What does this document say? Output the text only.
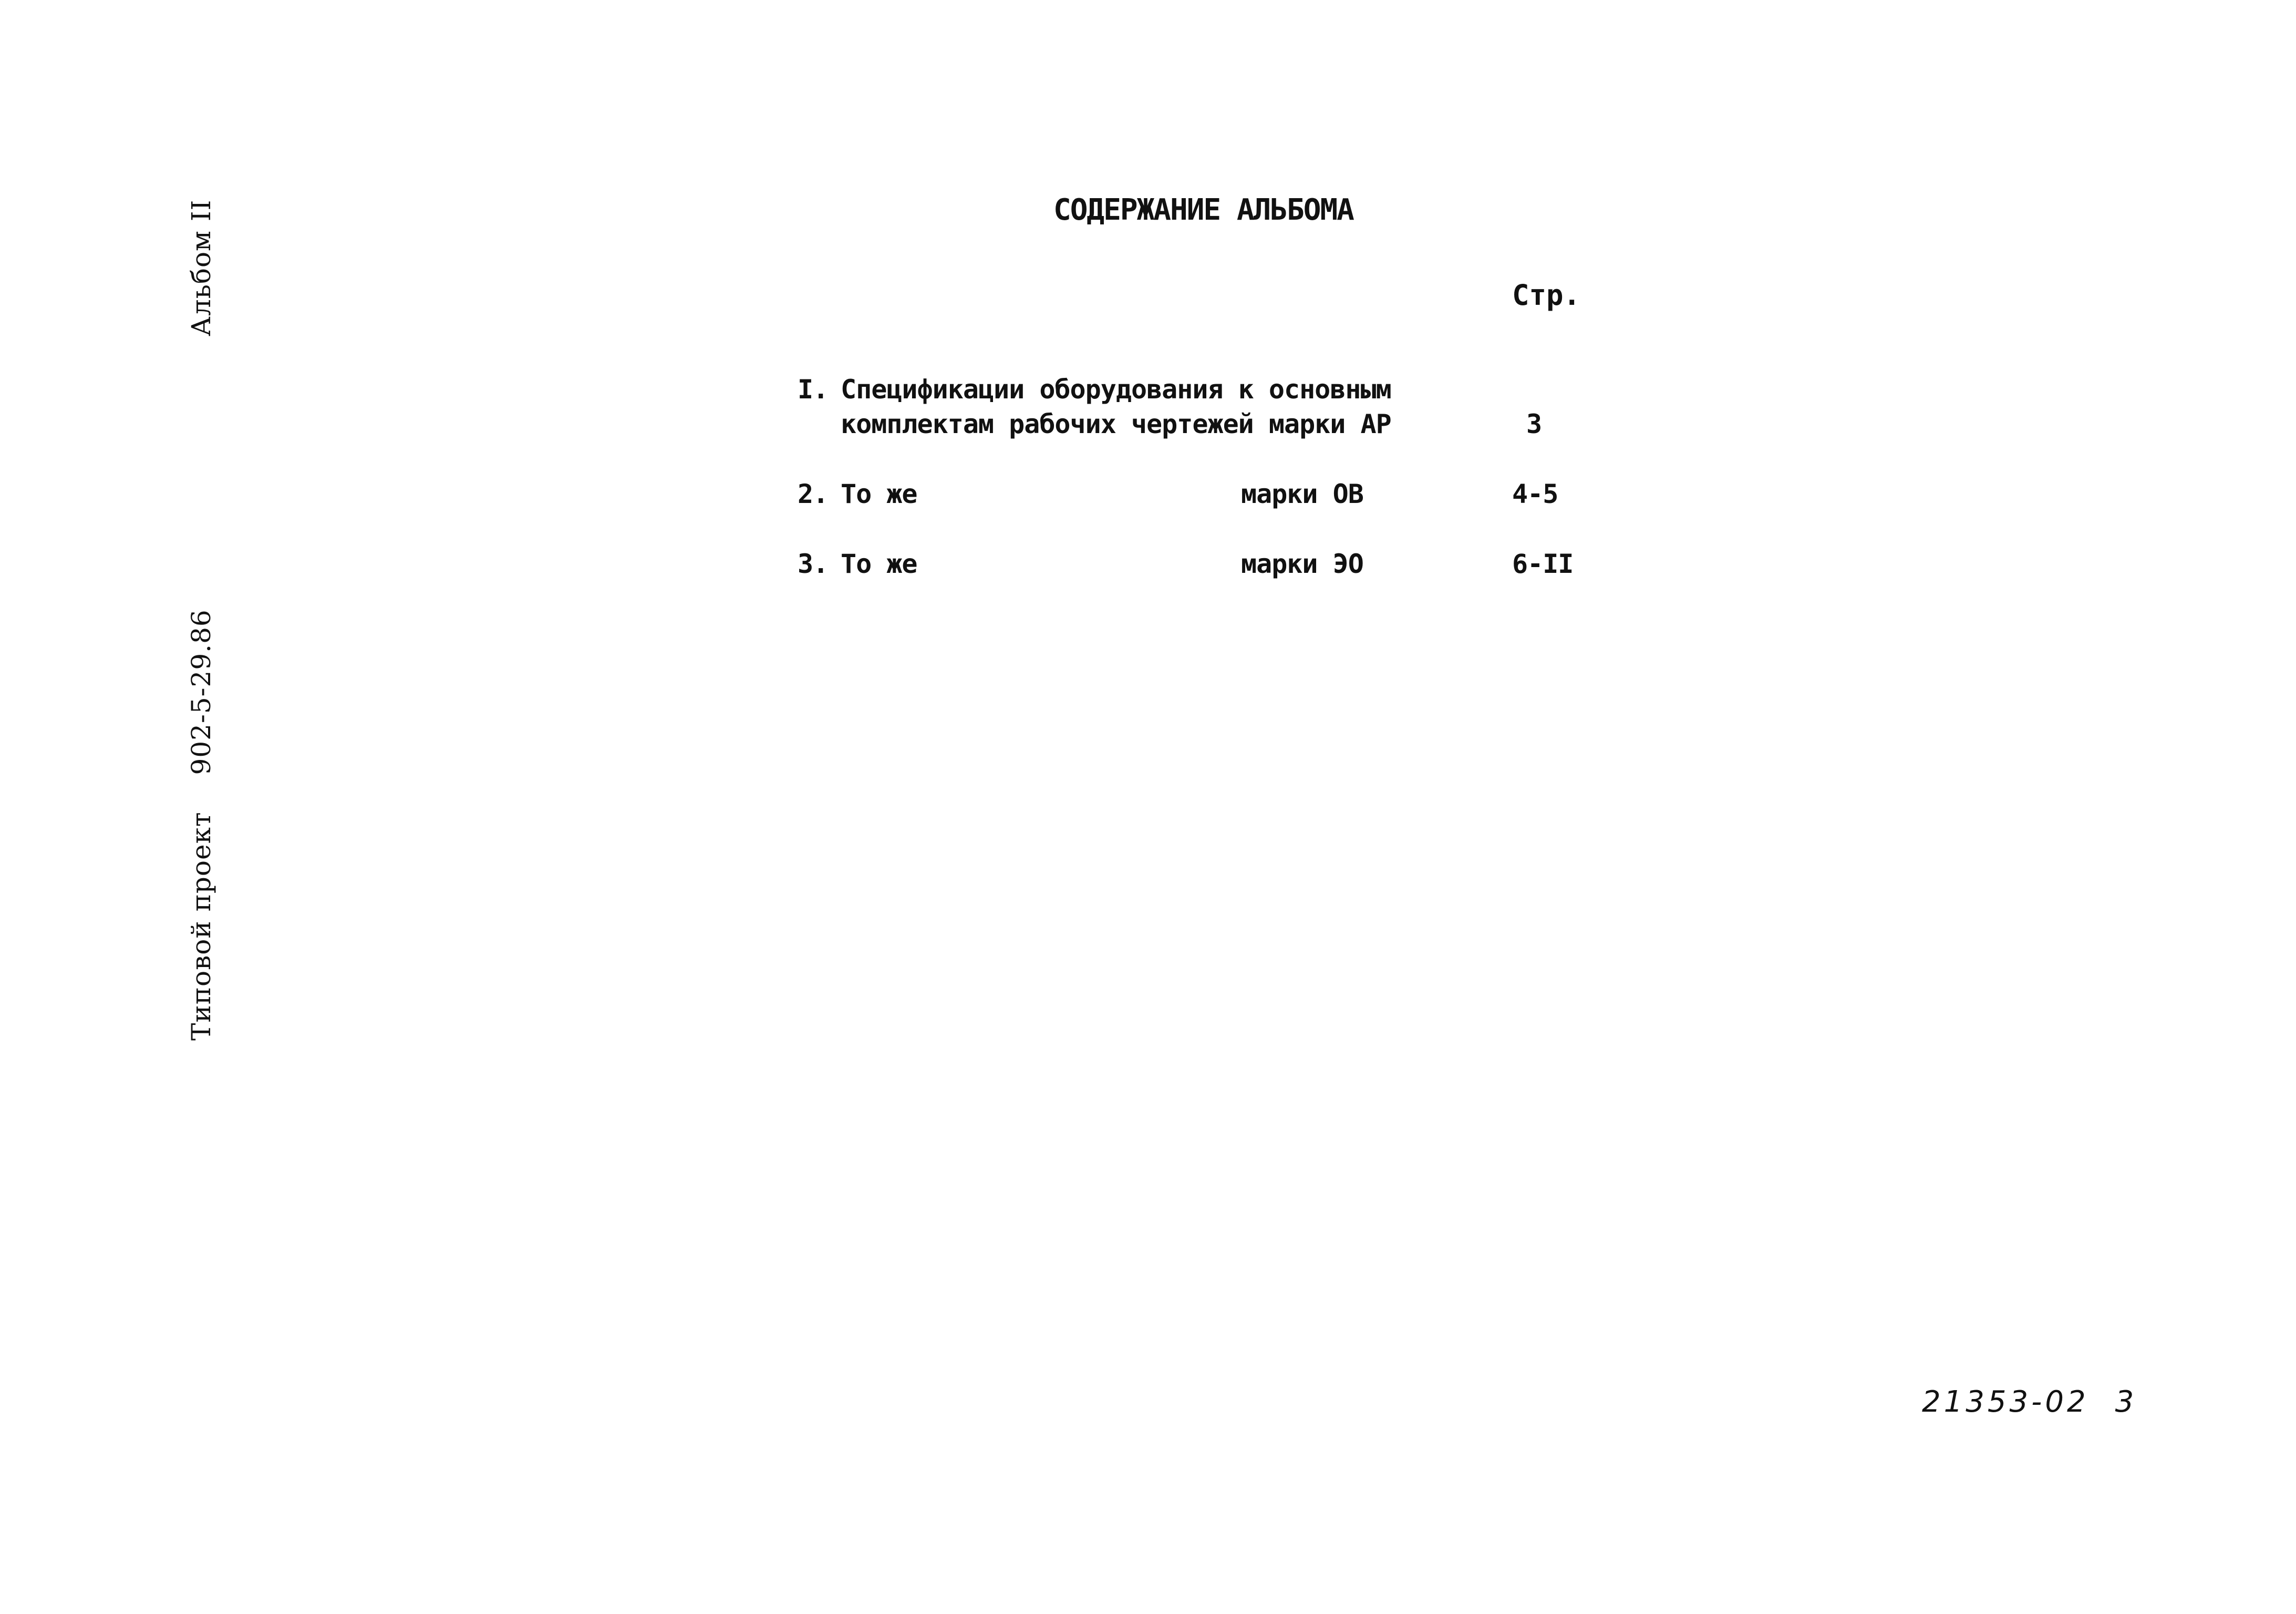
Альбом II
Типовой проект902-5-29.86
СОДЕРЖАНИЕ АЛЬБОМА
Стр.
I. Спецификации оборудования к основным
комплектам рабочих чертежей марки АР	3
2. То же	марки ОВ	4-5
3. То же	марки ЭО	6-II
21353-02 3
